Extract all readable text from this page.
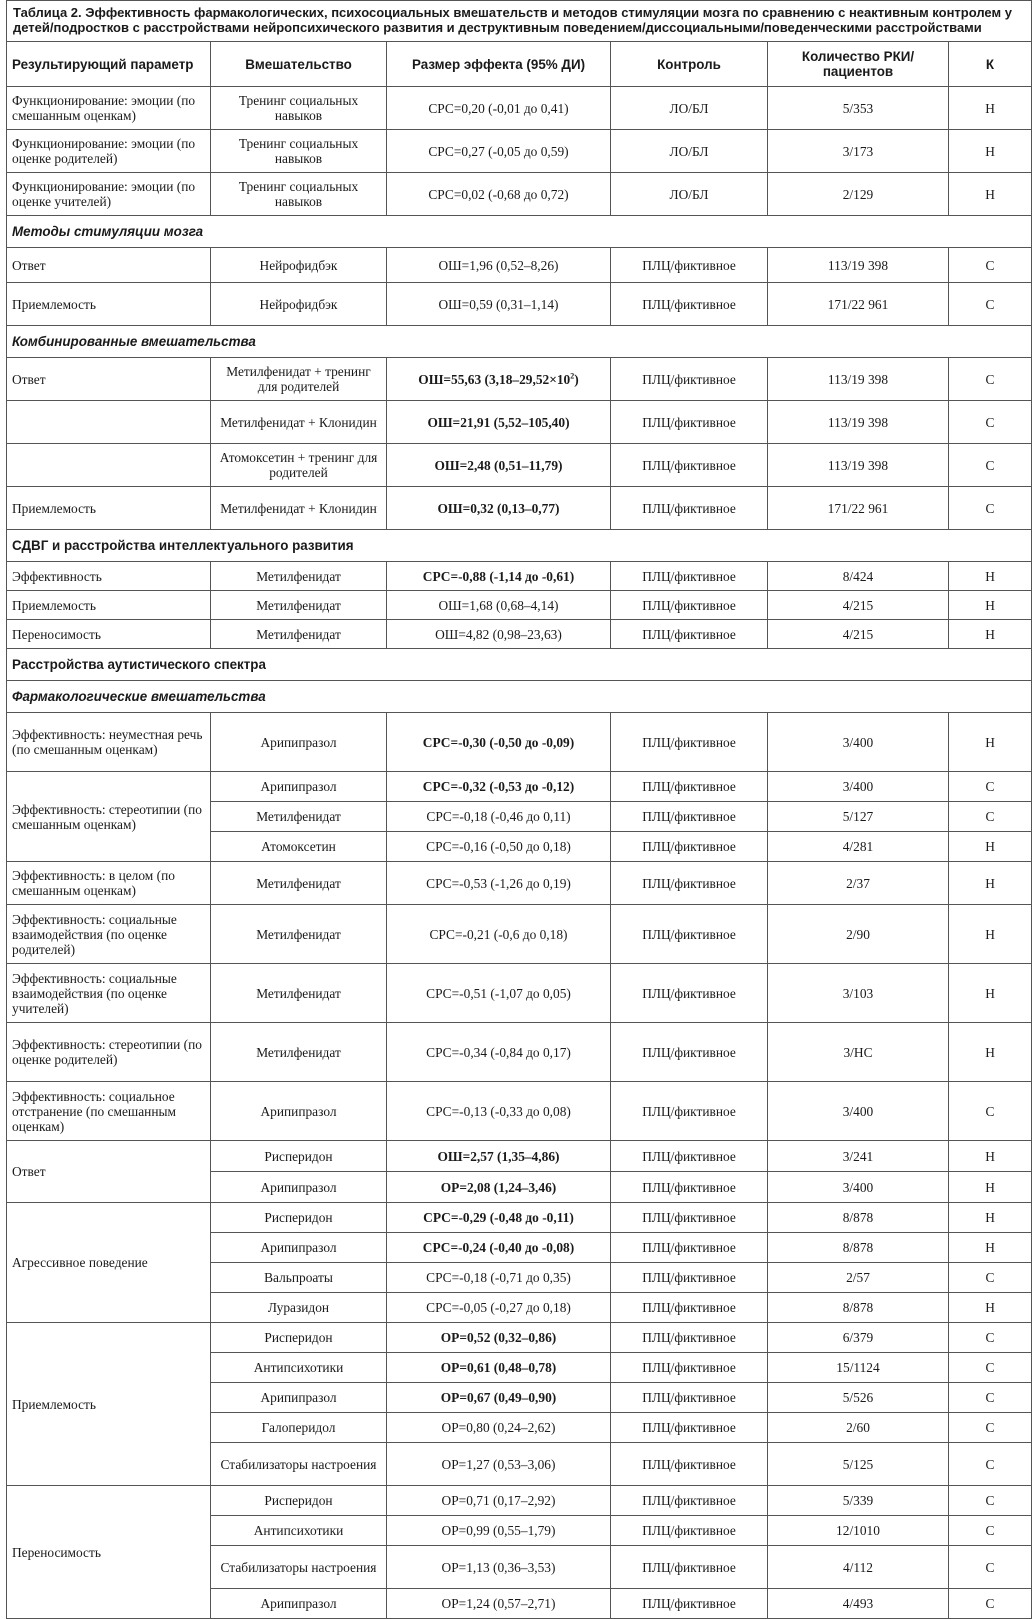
Таблица 2. Эффективность фармакологических, психосоциальных вмешательств и методов стимуляции мозга по сравнению с неактивным контролем у детей/подростков с расстройствами нейропсихического развития и деструктивным поведением/диссоциальными/поведенческими расстройствами					
Результирующий параметр	Вмешательство	Размер эффекта (95% ДИ)	Контроль	Количество РКИ/пациентов	К
Функционирование: эмоции (по смешанным оценкам)	Тренинг социальных навыков	СРС=0,20 (-0,01 до 0,41)	ЛО/БЛ	5/353	Н
Функционирование: эмоции (по оценке родителей)	Тренинг социальных навыков	СРС=0,27 (-0,05 до 0,59)	ЛО/БЛ	3/173	Н
Функционирование: эмоции (по оценке учителей)	Тренинг социальных навыков	СРС=0,02 (-0,68 до 0,72)	ЛО/БЛ	2/129	Н
Методы стимуляции мозга					
Ответ	Нейрофидбэк	ОШ=1,96 (0,52–8,26)	ПЛЦ/фиктивное	113/19 398	С
Приемлемость	Нейрофидбэк	ОШ=0,59 (0,31–1,14)	ПЛЦ/фиктивное	171/22 961	С
Комбинированные вмешательства					
Ответ	Метилфенидат + тренинг для родителей	ОШ=55,63 $(3,18-29,52\times 10^2)$	ПЛЦ/фиктивное	113/19 398	С
	Метилфенидат + Клонидин	ОШ=21,91 (5,52–105,40)	ПЛЦ/фиктивное	113/19 398	С
	Атомоксетин + тренинг для родителей	ОШ=2,48 (0,51–11,79)	ПЛЦ/фиктивное	113/19 398	С
Приемлемость	Метилфенидат + Клонидин	ОШ=0,32 (0,13–0,77)	ПЛЦ/фиктивное	171/22 961	С
СДВГ и расстройства интеллектуального развития					
Эффективность	Метилфенидат	СРС=-0,88 (-1,14 до -0,61)	ПЛЦ/фиктивное	8/424	Н
Приемлемость	Метилфенидат	ОШ=1,68 (0,68–4,14)	ПЛЦ/фиктивное	4/215	Н
Переносимость	Метилфенидат	ОШ=4,82 (0,98–23,63)	ПЛЦ/фиктивное	4/215	Н
Расстройства аутистического спектра					
Фармакологические вмешательства					
Эффективность: неуместная речь (по смешанным оценкам)	Арипипразол	СРС=-0,30 (-0,50 до -0,09)	ПЛЦ/фиктивное	3/400	Н
Эффективность: стереотипии (по смешанным оценкам)	Арипипразол	СРС=-0,32 (-0,53 до -0,12)	ПЛЦ/фиктивное	3/400	С
	Метилфенидат	СРС=-0,18 (-0,46 до 0,11)	ПЛЦ/фиктивное	5/127	С
	Атомоксетин	СРС=-0,16 (-0,50 до 0,18)	ПЛЦ/фиктивное	4/281	Н
Эффективность: в целом (по смешанным оценкам)	Метилфенидат	СРС=-0,53 (-1,26 до 0,19)	ПЛЦ/фиктивное	2/37	Н
Эффективность: социальные взаимодействия (по оценке родителей)	Метилфенидат	СРС=-0,21 (-0,6 до 0,18)	ПЛЦ/фиктивное	2/90	Н
Эффективность: социальные взаимодействия (по оценке учителей)	Метилфенидат	СРС=-0,51 (-1,07 до 0,05)	ПЛЦ/фиктивное	3/103	Н
Эффективность: стереотипии (по оценке родителей)	Метилфенидат	СРС=-0,34 (-0,84 до 0,17)	ПЛЦ/фиктивное	3/НС	Н
Эффективность: социальное отстранение (по смешанным оценкам)	Арипипразол	СРС=-0,13 (-0,33 до 0,08)	ПЛЦ/фиктивное	3/400	С
Ответ	Рисперидон	ОШ=2,57 (1,35–4,86)	ПЛЦ/фиктивное	3/241	Н
	Арипипразол	ОР=2,08 (1,24–3,46)	ПЛЦ/фиктивное	3/400	Н
Агрессивное поведение	Рисперидон	СРС=-0,29 (-0,48 до -0,11)	ПЛЦ/фиктивное	8/878	Н
	Арипипразол	СРС=-0,24 (-0,40 до -0,08)	ПЛЦ/фиктивное	8/878	Н
	Вальпроаты	СРС=-0,18 (-0,71 до 0,35)	ПЛЦ/фиктивное	2/57	С
	Луразидон	СРС=-0,05 (-0,27 до 0,18)	ПЛЦ/фиктивное	8/878	Н
Приемлемость	Рисперидон	ОР=0,52 (0,32–0,86)	ПЛЦ/фиктивное	6/379	С
	Антипсихотики	ОР=0,61 (0,48–0,78)	ПЛЦ/фиктивное	15/1124	С
	Арипипразол	ОР=0,67 (0,49–0,90)	ПЛЦ/фиктивное	5/526	С
	Галоперидол	ОР=0,80 (0,24–2,62)	ПЛЦ/фиктивное	2/60	С
	Стабилизаторы настроения	ОР=1,27 (0,53–3,06)	ПЛЦ/фиктивное	5/125	С
Переносимость	Рисперидон	ОР=0,71 (0,17–2,92)	ПЛЦ/фиктивное	5/339	С
	Антипсихотики	ОР=0,99 (0,55–1,79)	ПЛЦ/фиктивное	12/1010	С
	Стабилизаторы настроения	ОР=1,13 (0,36–3,53)	ПЛЦ/фиктивное	4/112	С
	Арипипразол	ОР=1,24 (0,57–2,71)	ПЛЦ/фиктивное	4/493	С
